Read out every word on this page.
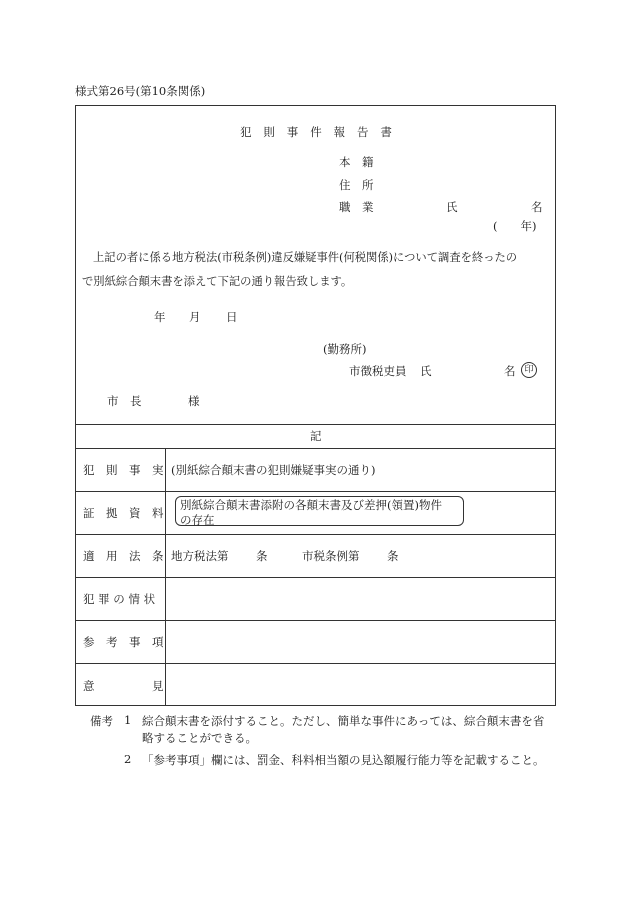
様式第26号(第10条関係)
犯　則　事　件　報　告　書
本　籍
住　所
職　業	氏	名
(　　年)
上記の者に係る地方税法(市税条例)違反嫌疑事件(何税関係)について調査を終ったの
で別紙綜合顛末書を添えて下記の通り報告致します。
年 月 日
(勤務所)
市徴税吏員 氏	名 印
市　長	様
記
犯　則　事　実 (別紙綜合顛末書の犯則嫌疑事実の通り)
証　拠　資　料
別紙綜合顛末書添附の各顛末書及び差押(領置)物件
の存在
適　用　法　条 地方税法第 条	市税条例第 条
犯 罪 の 情 状
参　考　事　項
意　　　　　見
備考 1 綜合顛末書を添付すること。ただし、簡単な事件にあっては、綜合顛末書を省略することができる。
2 「参考事項」欄には、罰金、科料相当額の見込額履行能力等を記載すること。
